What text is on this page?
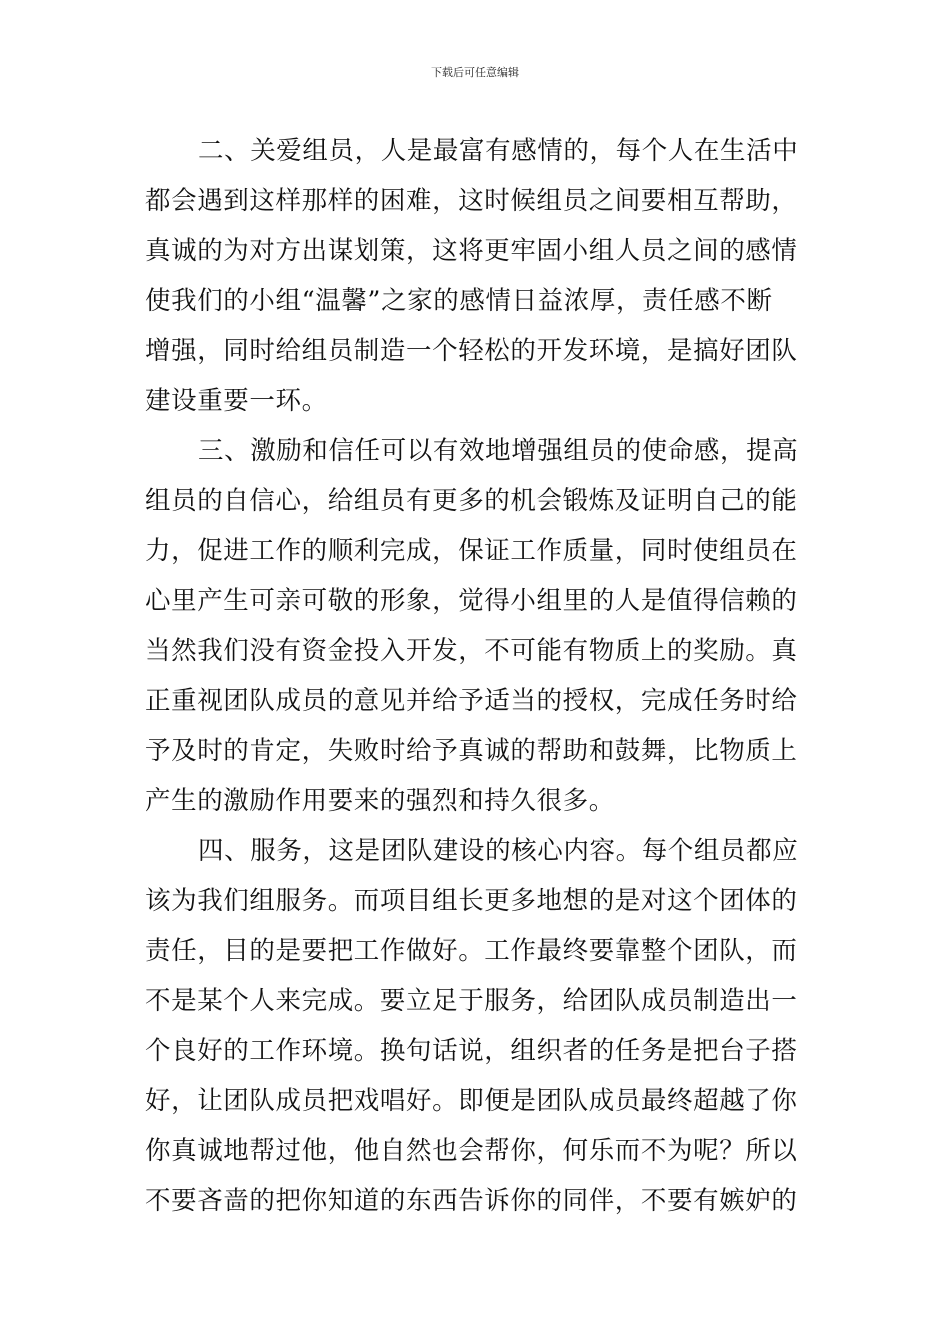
下载后可任意编辑
二、关爱组员，人是最富有感情的，每个人在生活中
都会遇到这样那样的困难，这时候组员之间要相互帮助，
真诚的为对方出谋划策，这将更牢固小组人员之间的感情
使我们的小组“温馨”之家的感情日益浓厚，责任感不断
增强，同时给组员制造一个轻松的开发环境，是搞好团队
建设重要一环。
三、激励和信任可以有效地增强组员的使命感，提高
组员的自信心，给组员有更多的机会锻炼及证明自己的能
力，促进工作的顺利完成，保证工作质量，同时使组员在
心里产生可亲可敬的形象，觉得小组里的人是值得信赖的
当然我们没有资金投入开发，不可能有物质上的奖励。真
正重视团队成员的意见并给予适当的授权，完成任务时给
予及时的肯定，失败时给予真诚的帮助和鼓舞，比物质上
产生的激励作用要来的强烈和持久很多。
四、服务，这是团队建设的核心内容。每个组员都应
该为我们组服务。而项目组长更多地想的是对这个团体的
责任，目的是要把工作做好。工作最终要靠整个团队，而
不是某个人来完成。要立足于服务，给团队成员制造出一
个良好的工作环境。换句话说，组织者的任务是把台子搭
好，让团队成员把戏唱好。即便是团队成员最终超越了你
你真诚地帮过他，他自然也会帮你，何乐而不为呢？所以
不要吝啬的把你知道的东西告诉你的同伴，不要有嫉妒的
